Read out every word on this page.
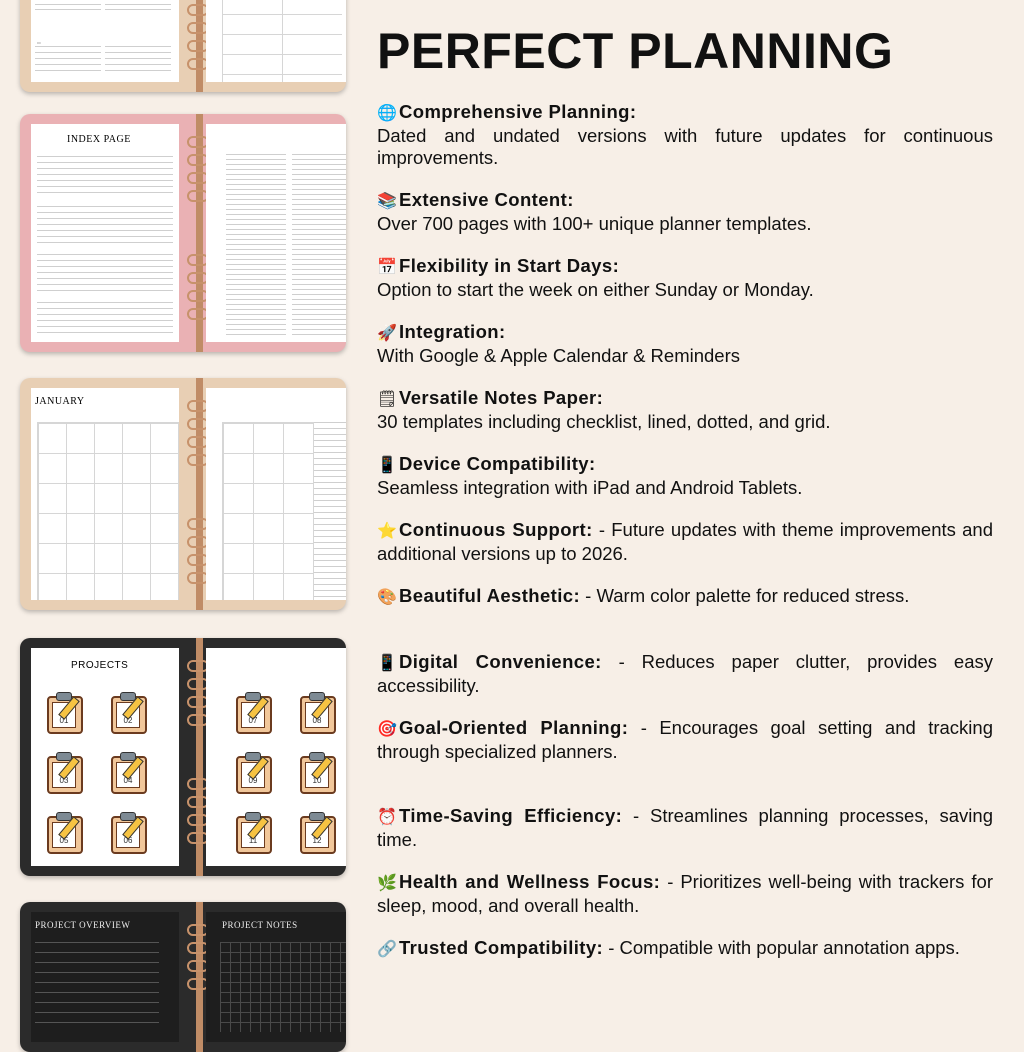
▭

INDEX PAGE
JANUARY
PROJECTS
01	02
03	04
05	06
07	08
09	10
11	12
PROJECT OVERVIEW	PROJECT NOTES
PERFECT PLANNING
🌐 Comprehensive Planning:
Dated and undated versions with future updates for continuous improvements.
📚 Extensive Content:
Over 700 pages with 100+ unique planner templates.
📅 Flexibility in Start Days:
Option to start the week on either Sunday or Monday.
🚀 Integration:
With Google & Apple Calendar & Reminders
🗒Versatile Notes Paper:
30 templates including checklist, lined, dotted, and grid.
📱 Device Compatibility:
Seamless integration with iPad and Android Tablets.
⭐ Continuous Support: - Future updates with theme improvements and additional versions up to 2026.
🎨 Beautiful Aesthetic: - Warm color palette for reduced stress.
📱 Digital Convenience: - Reduces paper clutter, provides easy accessibility.
🎯 Goal-Oriented Planning: - Encourages goal setting and tracking through specialized planners.
⏰ Time-Saving Efficiency: - Streamlines planning processes, saving time.
🌿 Health and Wellness Focus: - Prioritizes well-being with trackers for sleep, mood, and overall health.
🔗 Trusted Compatibility: - Compatible with popular annotation apps.
